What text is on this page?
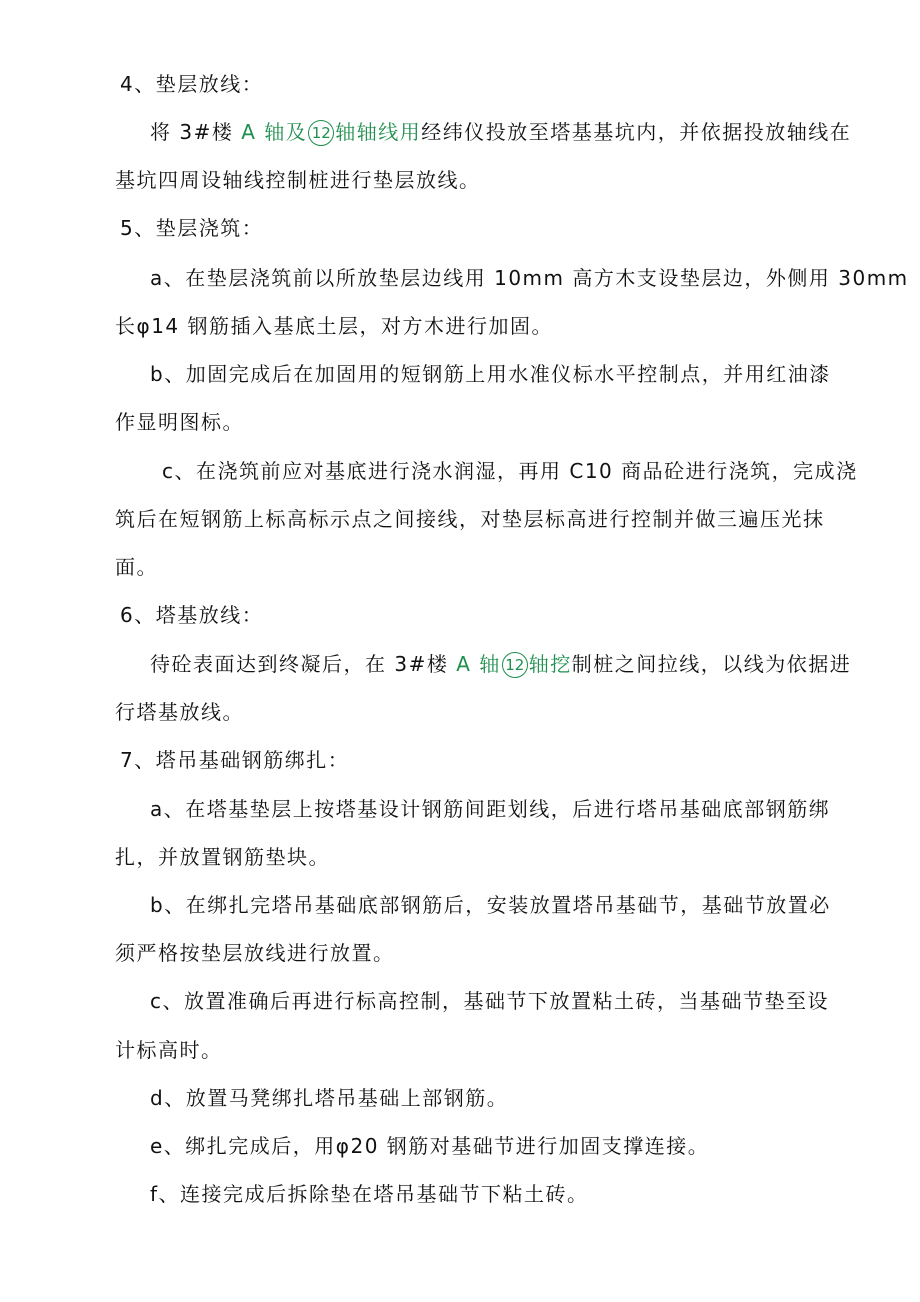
4、垫层放线：
将 3#楼 A 轴及 12 轴轴线用经纬仪投放至塔基基坑内，并依据投放轴线在
基坑四周设轴线控制桩进行垫层放线。
5、垫层浇筑：
a、在垫层浇筑前以所放垫层边线用 10mm 高方木支设垫层边，外侧用 30mm
长φ14 钢筋插入基底土层，对方木进行加固。
b、加固完成后在加固用的短钢筋上用水准仪标水平控制点，并用红油漆
作显明图标。
c、在浇筑前应对基底进行浇水润湿，再用 C10 商品砼进行浇筑，完成浇
筑后在短钢筋上标高标示点之间接线，对垫层标高进行控制并做三遍压光抹
面。
6、塔基放线：
待砼表面达到终凝后，在 3#楼 A 轴 12 轴挖制桩之间拉线，以线为依据进
行塔基放线。
7、塔吊基础钢筋绑扎：
a、在塔基垫层上按塔基设计钢筋间距划线，后进行塔吊基础底部钢筋绑
扎，并放置钢筋垫块。
b、在绑扎完塔吊基础底部钢筋后，安装放置塔吊基础节，基础节放置必
须严格按垫层放线进行放置。
c、放置准确后再进行标高控制，基础节下放置粘土砖，当基础节垫至设
计标高时。
d、放置马凳绑扎塔吊基础上部钢筋。
e、绑扎完成后，用φ20 钢筋对基础节进行加固支撑连接。
f、连接完成后拆除垫在塔吊基础节下粘土砖。
